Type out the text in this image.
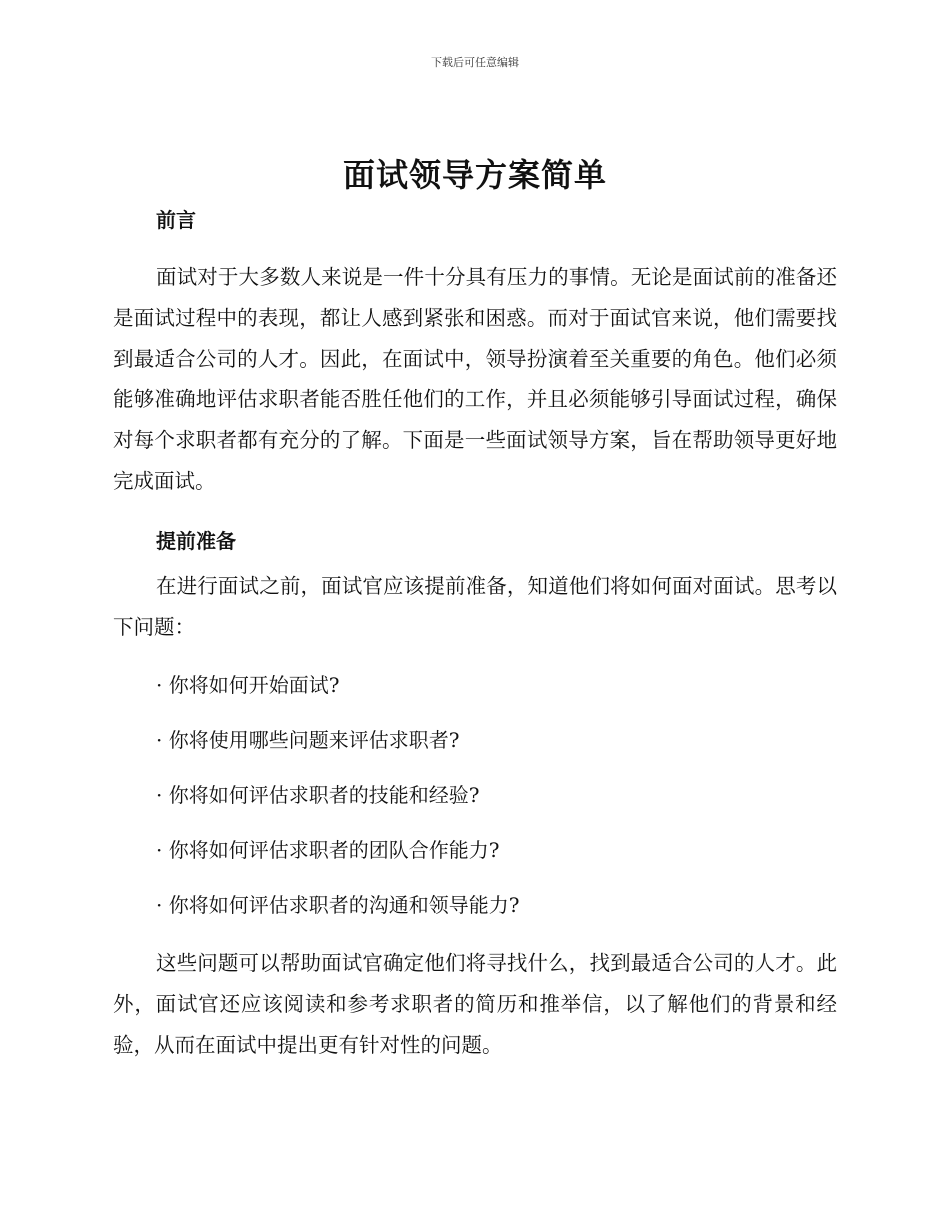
下载后可任意编辑
面试领导方案简单

前言

面试对于大多数人来说是一件十分具有压力的事情。无论是面试前的准备还是面试过程中的表现，都让人感到紧张和困惑。而对于面试官来说，他们需要找到最适合公司的人才。因此，在面试中，领导扮演着至关重要的角色。他们必须能够准确地评估求职者能否胜任他们的工作，并且必须能够引导面试过程，确保对每个求职者都有充分的了解。下面是一些面试领导方案，旨在帮助领导更好地完成面试。

提前准备

在进行面试之前，面试官应该提前准备，知道他们将如何面对面试。思考以下问题：

· 你将如何开始面试?

· 你将使用哪些问题来评估求职者?

· 你将如何评估求职者的技能和经验?

· 你将如何评估求职者的团队合作能力?

· 你将如何评估求职者的沟通和领导能力?

这些问题可以帮助面试官确定他们将寻找什么，找到最适合公司的人才。此外，面试官还应该阅读和参考求职者的简历和推举信，以了解他们的背景和经验，从而在面试中提出更有针对性的问题。
